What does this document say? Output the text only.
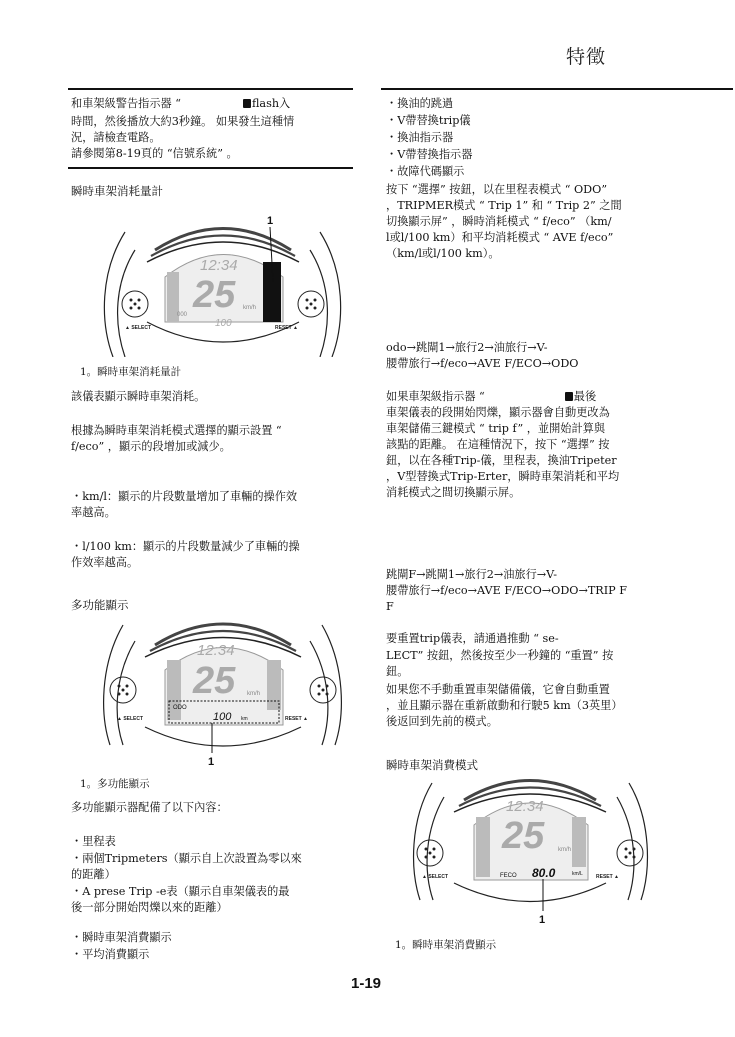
特徵
和車架級警告指示器 “	flash入
時間，然後播放大約3秒鐘。 如果發生這種情
況，請檢查電路。
請參閱第8-19頁的 “信號系統” 。
瞬時車架消耗量計
12:34
25 km/h
000
100
▲ SELECT	RESET ▲
1
1。瞬時車架消耗量計
該儀表顯示瞬時車架消耗。
根據為瞬時車架消耗模式選擇的顯示設置 “
f/eco” ，顯示的段增加或減少。
・km/l：顯示的片段數量增加了車輛的操作效
率越高。
・l/100 km：顯示的片段數量減少了車輛的操
作效率越高。
多功能顯示
12:34
25 km/h
ODO
100 km
▲ SELECT	RESET ▲
1
1。多功能顯示
多功能顯示器配備了以下內容：
・里程表
・兩個Tripmeters（顯示自上次設置為零以來
的距離）
・A prese Trip -e表（顯示自車架儀表的最
後一部分開始閃爍以來的距離）
・瞬時車架消費顯示
・平均消費顯示
・換油的跳過
・V帶替換trip儀
・換油指示器
・V帶替換指示器
・故障代碼顯示
按下 “選擇” 按鈕，以在里程表模式 “ ODO”
，TRIPMER模式 “ Trip 1” 和 “ Trip 2” 之間
切換顯示屏” ，瞬時消耗模式 “ f/eco” （km/
l或l/100 km）和平均消耗模式 “ AVE f/eco”
（km/l或l/100 km）。
odo→跳閘1→旅行2→油旅行→V-
腰帶旅行→f/eco→AVE F/ECO→ODO
如果車架級指示器 “	最後
車架儀表的段開始閃爍，顯示器會自動更改為
車架儲備三鍵模式 “ trip f” ，並開始計算與
該點的距離。 在這種情況下，按下 “選擇” 按
鈕，以在各種Trip-儀，里程表，換油Tripeter
，V型替換式Trip-Erter，瞬時車架消耗和平均
消耗模式之間切換顯示屏。
跳閘F→跳閘1→旅行2→油旅行→V-
腰帶旅行→f/eco→AVE F/ECO→ODO→TRIP F
F
要重置trip儀表，請通過推動 “ se-
LECT” 按鈕，然後按至少一秒鐘的 “重置” 按
鈕。
如果您不手動重置車架儲備儀，它會自動重置
，並且顯示器在重新啟動和行駛5 km（3英里）
後返回到先前的模式。
瞬時車架消費模式
12:34
25 km/h
FECO 80.0	km/L
▲ SELECT	RESET ▲
1
1。瞬時車架消費顯示
1-19
